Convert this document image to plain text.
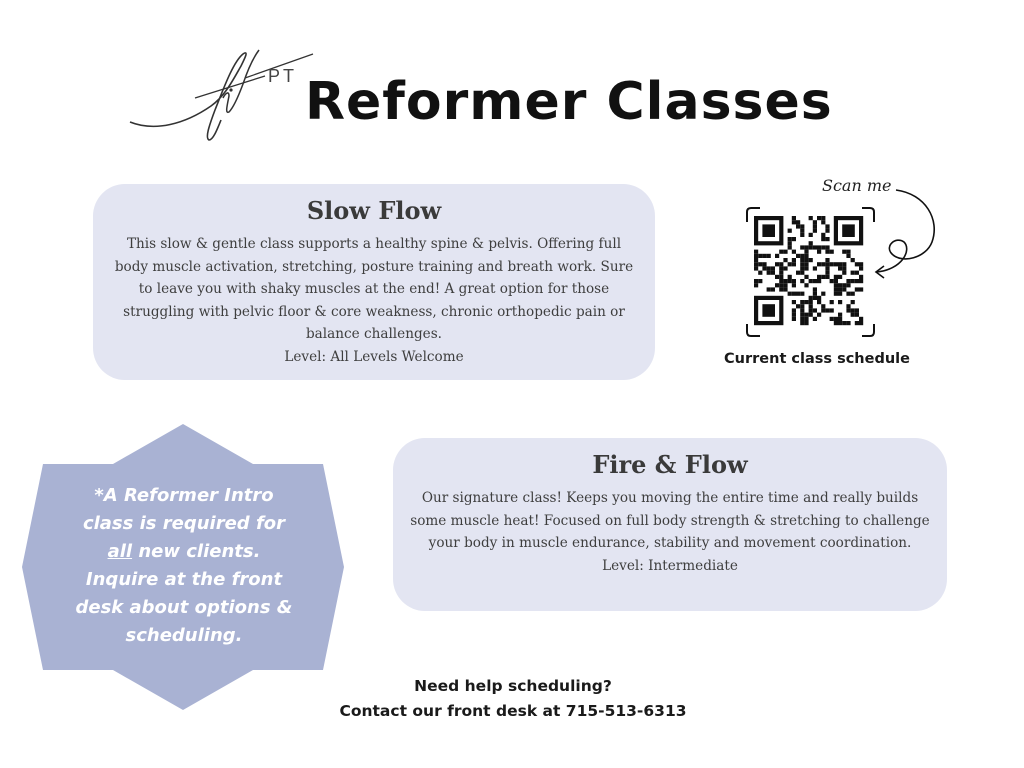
PT Reformer Classes
Slow Flow

This slow & gentle class supports a healthy spine & pelvis. Offering full body muscle activation, stretching, posture training and breath work. Sure to leave you with shaky muscles at the end! A great option for those struggling with pelvic floor & core weakness, chronic orthopedic pain or balance challenges.

Level: All Levels Welcome

Scan me
Current class schedule
*A Reformer Intro class is required for all new clients. Inquire at the front desk about options & scheduling.
Fire & Flow

Our signature class! Keeps you moving the entire time and really builds some muscle heat! Focused on full body strength & stretching to challenge your body in muscle endurance, stability and movement coordination.

Level: Intermediate

Need help scheduling?
Contact our front desk at 715-513-6313
